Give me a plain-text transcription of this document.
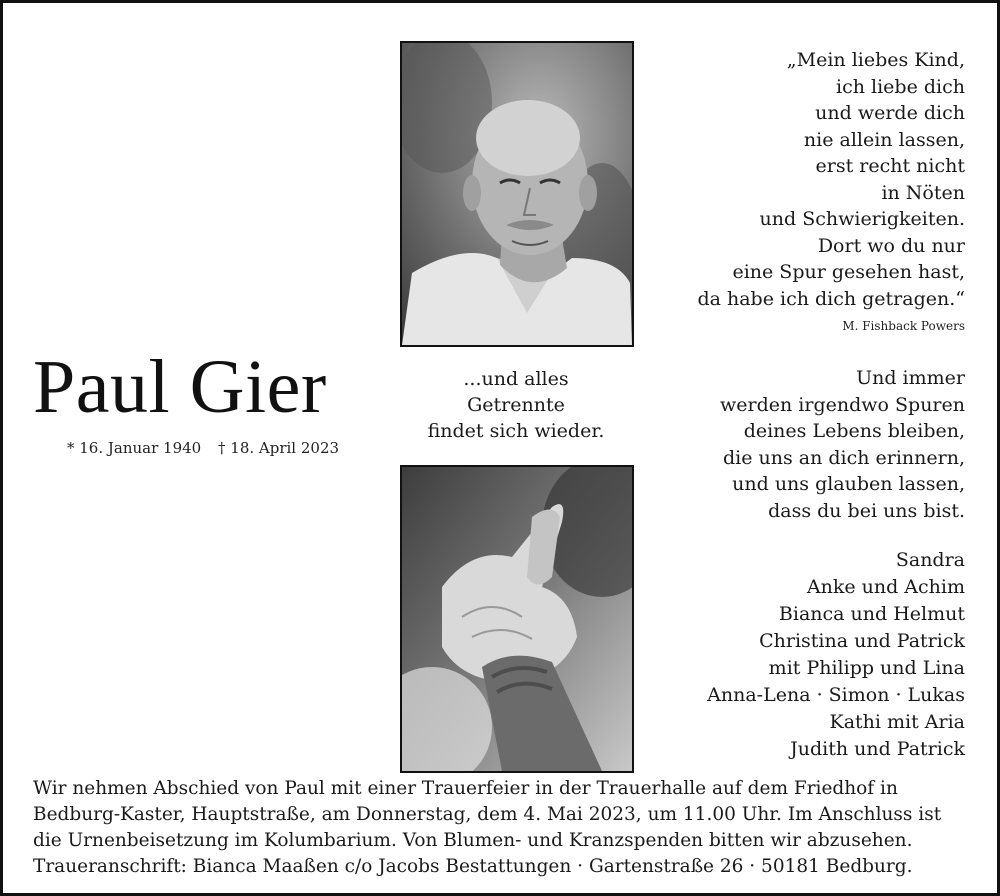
Paul Gier
* 16. Januar 1940 † 18. April 2023
...und alles
Getrennte
findet sich wieder.
„Mein liebes Kind,
ich liebe dich
und werde dich
nie allein lassen,
erst recht nicht
in Nöten
und Schwierigkeiten.
Dort wo du nur
eine Spur gesehen hast,
da habe ich dich getragen.“
M. Fishback Powers
Und immer
werden irgendwo Spuren
deines Lebens bleiben,
die uns an dich erinnern,
und uns glauben lassen,
dass du bei uns bist.
Sandra
Anke und Achim
Bianca und Helmut
Christina und Patrick
mit Philipp und Lina
Anna-Lena · Simon · Lukas
Kathi mit Aria
Judith und Patrick
Wir nehmen Abschied von Paul mit einer Trauerfeier in der Trauerhalle auf dem Friedhof in
Bedburg-Kaster, Hauptstraße, am Donnerstag, dem 4. Mai 2023, um 11.00 Uhr. Im Anschluss ist
die Urnenbeisetzung im Kolumbarium. Von Blumen- und Kranzspenden bitten wir abzusehen.
Traueranschrift: Bianca Maaßen c/o Jacobs Bestattungen · Gartenstraße 26 · 50181 Bedburg.
